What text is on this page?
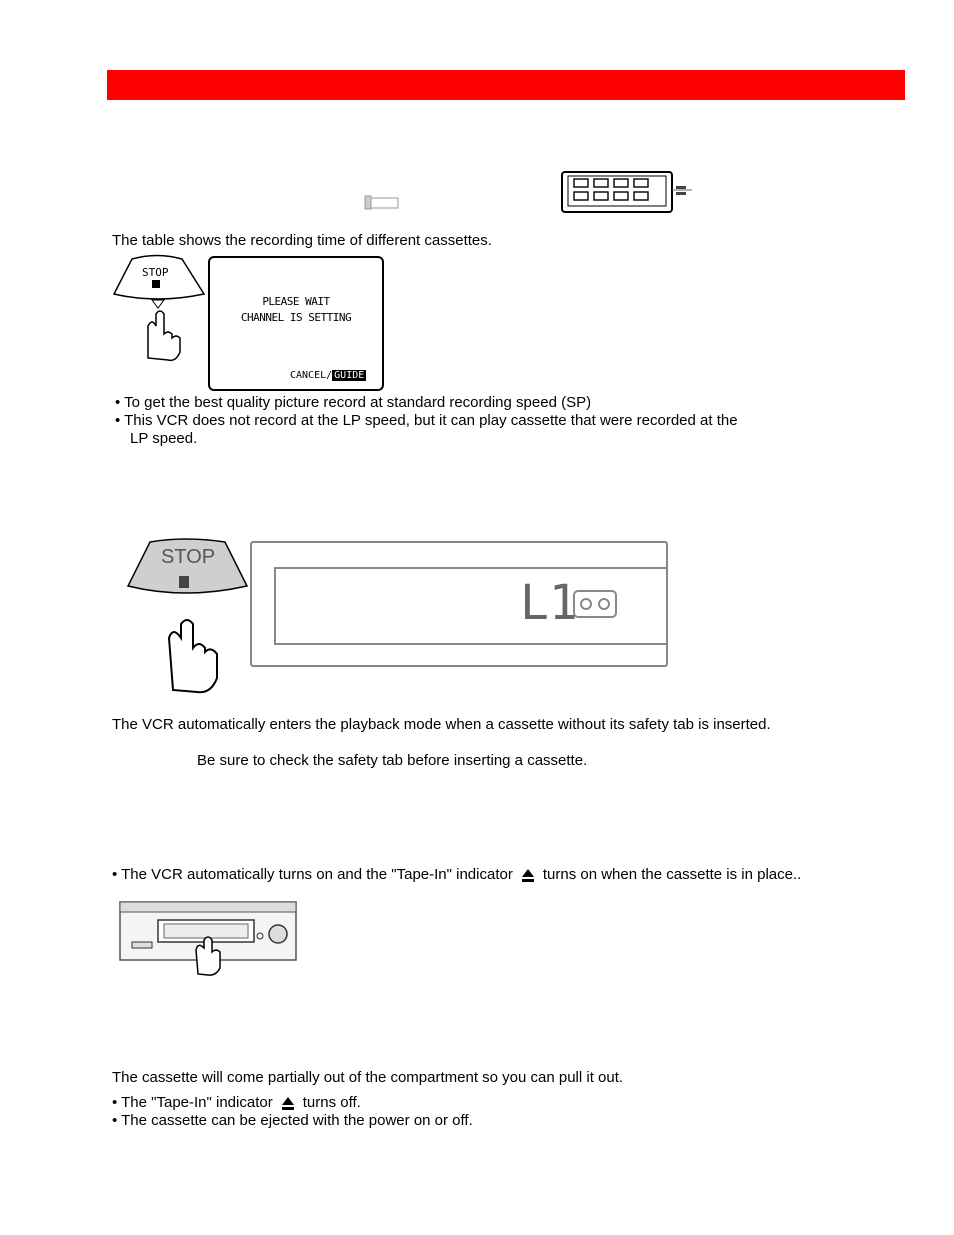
The table shows the recording time of different cassettes.
STOP
PLEASE WAIT
CHANNEL IS SETTING
CANCEL/ GUIDE
• To get the best quality picture record at standard recording speed (SP)
• This VCR does not record at the LP speed, but it can play cassette that were recorded at the
LP speed.
STOP
L1
The VCR automatically enters the playback mode when a cassette without its safety tab is inserted.
Be sure to check the safety tab before inserting a cassette.
• The VCR automatically turns on and the "Tape-In" indicator turns on when the cassette is in place..
The cassette will come partially out of the compartment so you can pull it out.
• The "Tape-In" indicator turns off.
• The cassette can be ejected with the power on or off.
